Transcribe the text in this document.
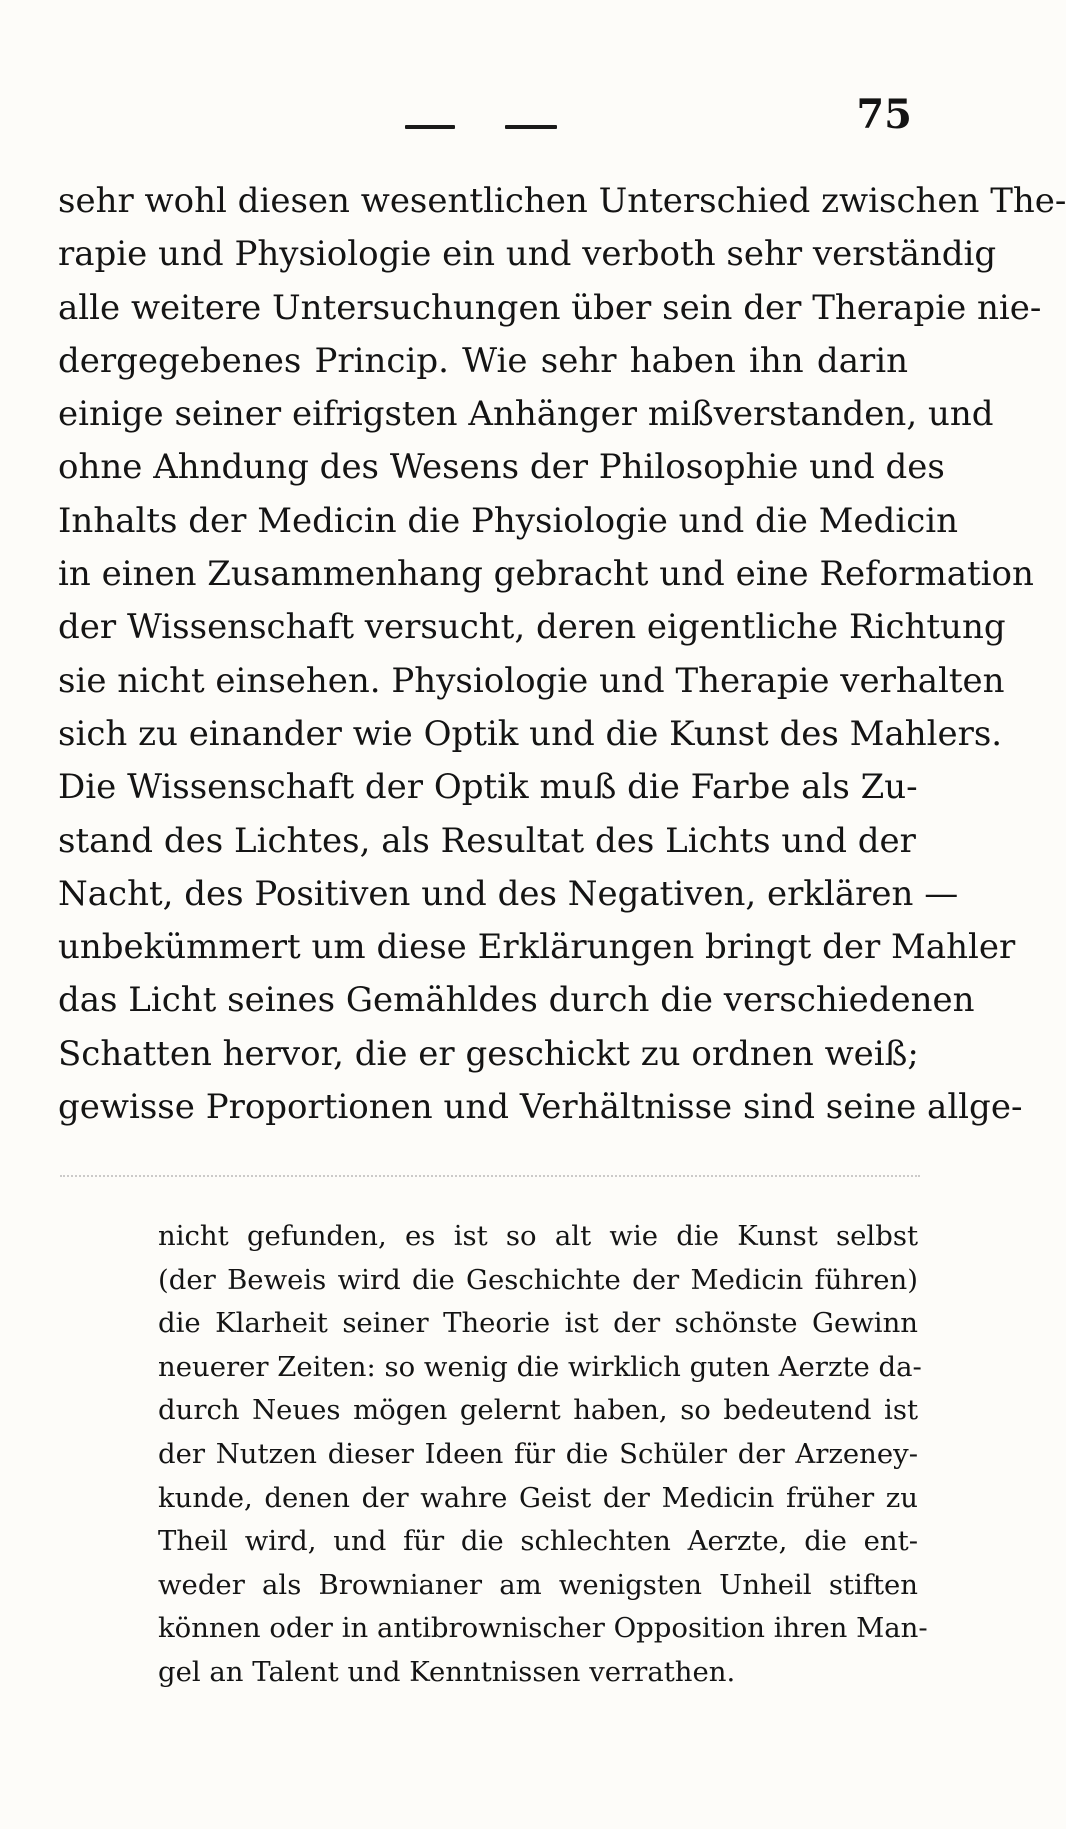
75
sehr wohl diesen wesentlichen Unterschied zwischen The-
rapie und Physiologie ein und verboth sehr verständig
alle weitere Untersuchungen über sein der Therapie nie-
dergegebenes Princip. Wie sehr haben ihn darin
einige seiner eifrigsten Anhänger mißverstanden, und
ohne Ahndung des Wesens der Philosophie und des
Inhalts der Medicin die Physiologie und die Medicin
in einen Zusammenhang gebracht und eine Reformation
der Wissenschaft versucht, deren eigentliche Richtung
sie nicht einsehen. Physiologie und Therapie verhalten
sich zu einander wie Optik und die Kunst des Mahlers.
Die Wissenschaft der Optik muß die Farbe als Zu-
stand des Lichtes, als Resultat des Lichts und der
Nacht, des Positiven und des Negativen, erklären —
unbekümmert um diese Erklärungen bringt der Mahler
das Licht seines Gemähldes durch die verschiedenen
Schatten hervor, die er geschickt zu ordnen weiß;
gewisse Proportionen und Verhältnisse sind seine allge-
nicht gefunden, es ist so alt wie die Kunst selbst
(der Beweis wird die Geschichte der Medicin führen)
die Klarheit seiner Theorie ist der schönste Gewinn
neuerer Zeiten: so wenig die wirklich guten Aerzte da-
durch Neues mögen gelernt haben, so bedeutend ist
der Nutzen dieser Ideen für die Schüler der Arzeney-
kunde, denen der wahre Geist der Medicin früher zu
Theil wird, und für die schlechten Aerzte, die ent-
weder als Brownianer am wenigsten Unheil stiften
können oder in antibrownischer Opposition ihren Man-
gel an Talent und Kenntnissen verrathen.
